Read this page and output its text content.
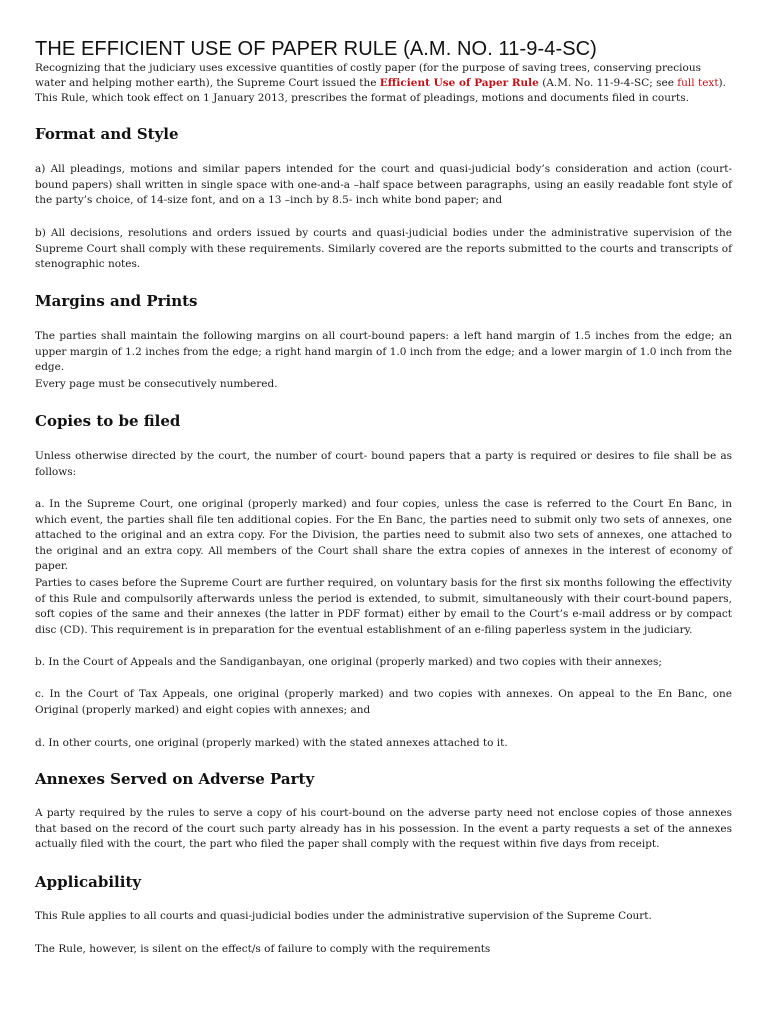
THE EFFICIENT USE OF PAPER RULE (A.M. NO. 11-9-4-SC)

Recognizing that the judiciary uses excessive quantities of costly paper (for the purpose of saving trees, conserving precious water and helping mother earth), the Supreme Court issued the Efficient Use of Paper Rule (A.M. No. 11-9-4-SC; see full text). This Rule, which took effect on 1 January 2013, prescribes the format of pleadings, motions and documents filed in courts.

Format and Style

a) All pleadings, motions and similar papers intended for the court and quasi-judicial body’s consideration and action (court-bound papers) shall written in single space with one-and-a –half space between paragraphs, using an easily readable font style of the party’s choice, of 14-size font, and on a 13 –inch by 8.5- inch white bond paper; and

b) All decisions, resolutions and orders issued by courts and quasi-judicial bodies under the administrative supervision of the Supreme Court shall comply with these requirements. Similarly covered are the reports submitted to the courts and transcripts of stenographic notes.

Margins and Prints

The parties shall maintain the following margins on all court-bound papers: a left hand margin of 1.5 inches from the edge; an upper margin of 1.2 inches from the edge; a right hand margin of 1.0 inch from the edge; and a lower margin of 1.0 inch from the edge.

Every page must be consecutively numbered.

Copies to be filed

Unless otherwise directed by the court, the number of court- bound papers that a party is required or desires to file shall be as follows:

a. In the Supreme Court, one original (properly marked) and four copies, unless the case is referred to the Court En Banc, in which event, the parties shall file ten additional copies. For the En Banc, the parties need to submit only two sets of annexes, one attached to the original and an extra copy. For the Division, the parties need to submit also two sets of annexes, one attached to the original and an extra copy. All members of the Court shall share the extra copies of annexes in the interest of economy of paper.

Parties to cases before the Supreme Court are further required, on voluntary basis for the first six months following the effectivity of this Rule and compulsorily afterwards unless the period is extended, to submit, simultaneously with their court-bound papers, soft copies of the same and their annexes (the latter in PDF format) either by email to the Court’s e-mail address or by compact disc (CD). This requirement is in preparation for the eventual establishment of an e-filing paperless system in the judiciary.

b. In the Court of Appeals and the Sandiganbayan, one original (properly marked) and two copies with their annexes;

c. In the Court of Tax Appeals, one original (properly marked) and two copies with annexes. On appeal to the En Banc, one Original (properly marked) and eight copies with annexes; and

d. In other courts, one original (properly marked) with the stated annexes attached to it.

Annexes Served on Adverse Party

A party required by the rules to serve a copy of his court-bound on the adverse party need not enclose copies of those annexes that based on the record of the court such party already has in his possession. In the event a party requests a set of the annexes actually filed with the court, the part who filed the paper shall comply with the request within five days from receipt.

Applicability

This Rule applies to all courts and quasi-judicial bodies under the administrative supervision of the Supreme Court.

The Rule, however, is silent on the effect/s of failure to comply with the requirements
